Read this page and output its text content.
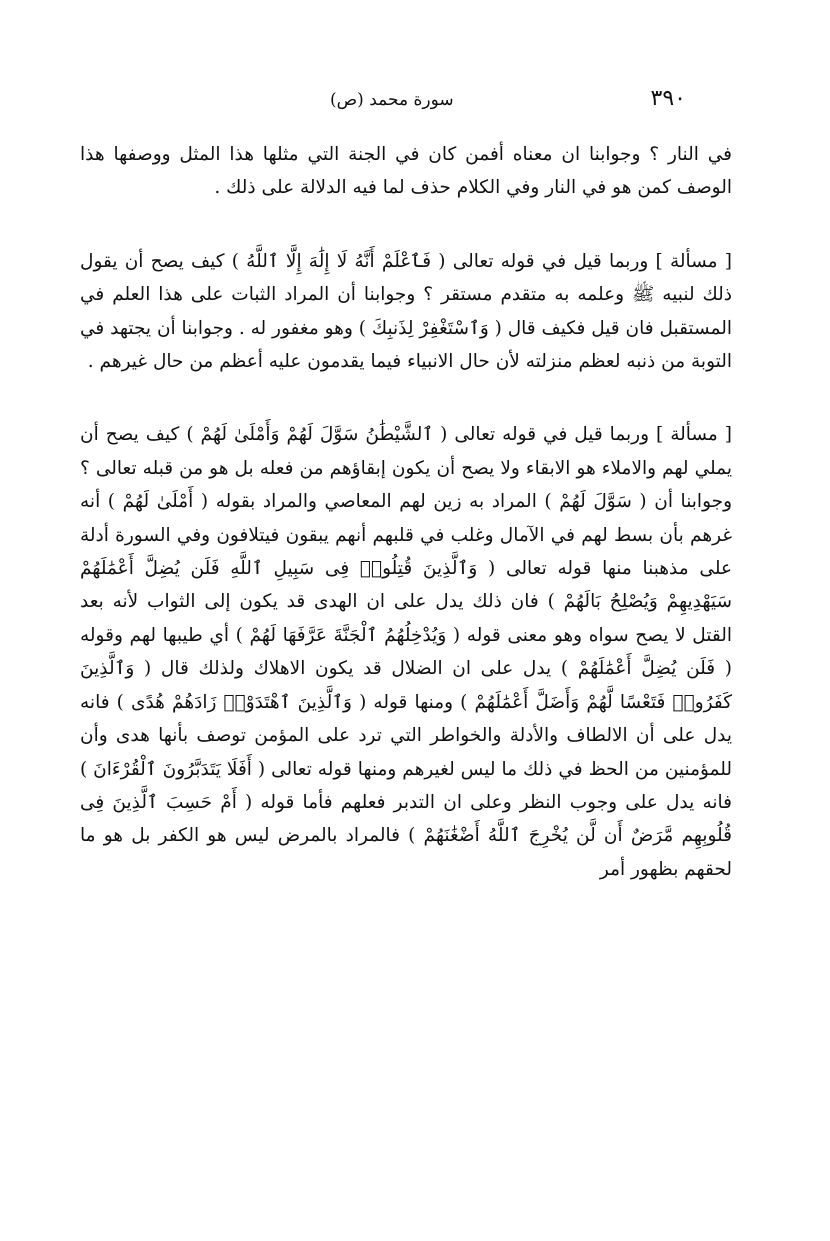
٣٩٠
سورة محمد (ص)

في النار ؟ وجوابنا ان معناه أفمن كان في الجنة التي مثلها هذا المثل ووصفها هذا الوصف كمن هو في النار وفي الكلام حذف لما فيه الدلالة على ذلك .

[ مسألة ] وربما قيل في قوله تعالى ( فَٱعْلَمْ أَنَّهُ لَا إِلَٰهَ إِلَّا ٱللَّهُ ) كيف يصح أن يقول ذلك لنبيه ﷺ وعلمه به متقدم مستقر ؟ وجوابنا أن المراد الثبات على هذا العلم في المستقبل فان قيل فكيف قال ( وَٱسْتَغْفِرْ لِذَنبِكَ ) وهو مغفور له . وجوابنا أن يجتهد في التوبة من ذنبه لعظم منزلته لأن حال الانبياء فيما يقدمون عليه أعظم من حال غيرهم .

[ مسألة ] وربما قيل في قوله تعالى ( ٱلشَّيْطَٰنُ سَوَّلَ لَهُمْ وَأَمْلَىٰ لَهُمْ ) كيف يصح أن يملي لهم والاملاء هو الابقاء ولا يصح أن يكون إبقاؤهم من فعله بل هو من قبله تعالى ؟ وجوابنا أن ( سَوَّلَ لَهُمْ ) المراد به زين لهم المعاصي والمراد بقوله ( أَمْلَىٰ لَهُمْ ) أنه غرهم بأن بسط لهم في الآمال وغلب في قلبهم أنهم يبقون فيتلافون وفي السورة أدلة على مذهبنا منها قوله تعالى ( وَٱلَّذِينَ قُتِلُوا۟ فِى سَبِيلِ ٱللَّهِ فَلَن يُضِلَّ أَعْمَٰلَهُمْ سَيَهْدِيهِمْ وَيُصْلِحُ بَالَهُمْ ) فان ذلك يدل على ان الهدى قد يكون إلى الثواب لأنه بعد القتل لا يصح سواه وهو معنى قوله ( وَيُدْخِلُهُمُ ٱلْجَنَّةَ عَرَّفَهَا لَهُمْ ) أي طيبها لهم وقوله ( فَلَن يُضِلَّ أَعْمَٰلَهُمْ ) يدل على ان الضلال قد يكون الاهلاك ولذلك قال ( وَٱلَّذِينَ كَفَرُوا۟ فَتَعْسًا لَّهُمْ وَأَضَلَّ أَعْمَٰلَهُمْ ) ومنها قوله ( وَٱلَّذِينَ ٱهْتَدَوْا۟ زَادَهُمْ هُدًى ) فانه يدل على أن الالطاف والأدلة والخواطر التي ترد على المؤمن توصف بأنها هدى وأن للمؤمنين من الحظ في ذلك ما ليس لغيرهم ومنها قوله تعالى ( أَفَلَا يَتَدَبَّرُونَ ٱلْقُرْءَانَ ) فانه يدل على وجوب النظر وعلى ان التدبر فعلهم فأما قوله ( أَمْ حَسِبَ ٱلَّذِينَ فِى قُلُوبِهِم مَّرَضٌ أَن لَّن يُخْرِجَ ٱللَّهُ أَضْغَٰنَهُمْ ) فالمراد بالمرض ليس هو الكفر بل هو ما لحقهم بظهور أمر
